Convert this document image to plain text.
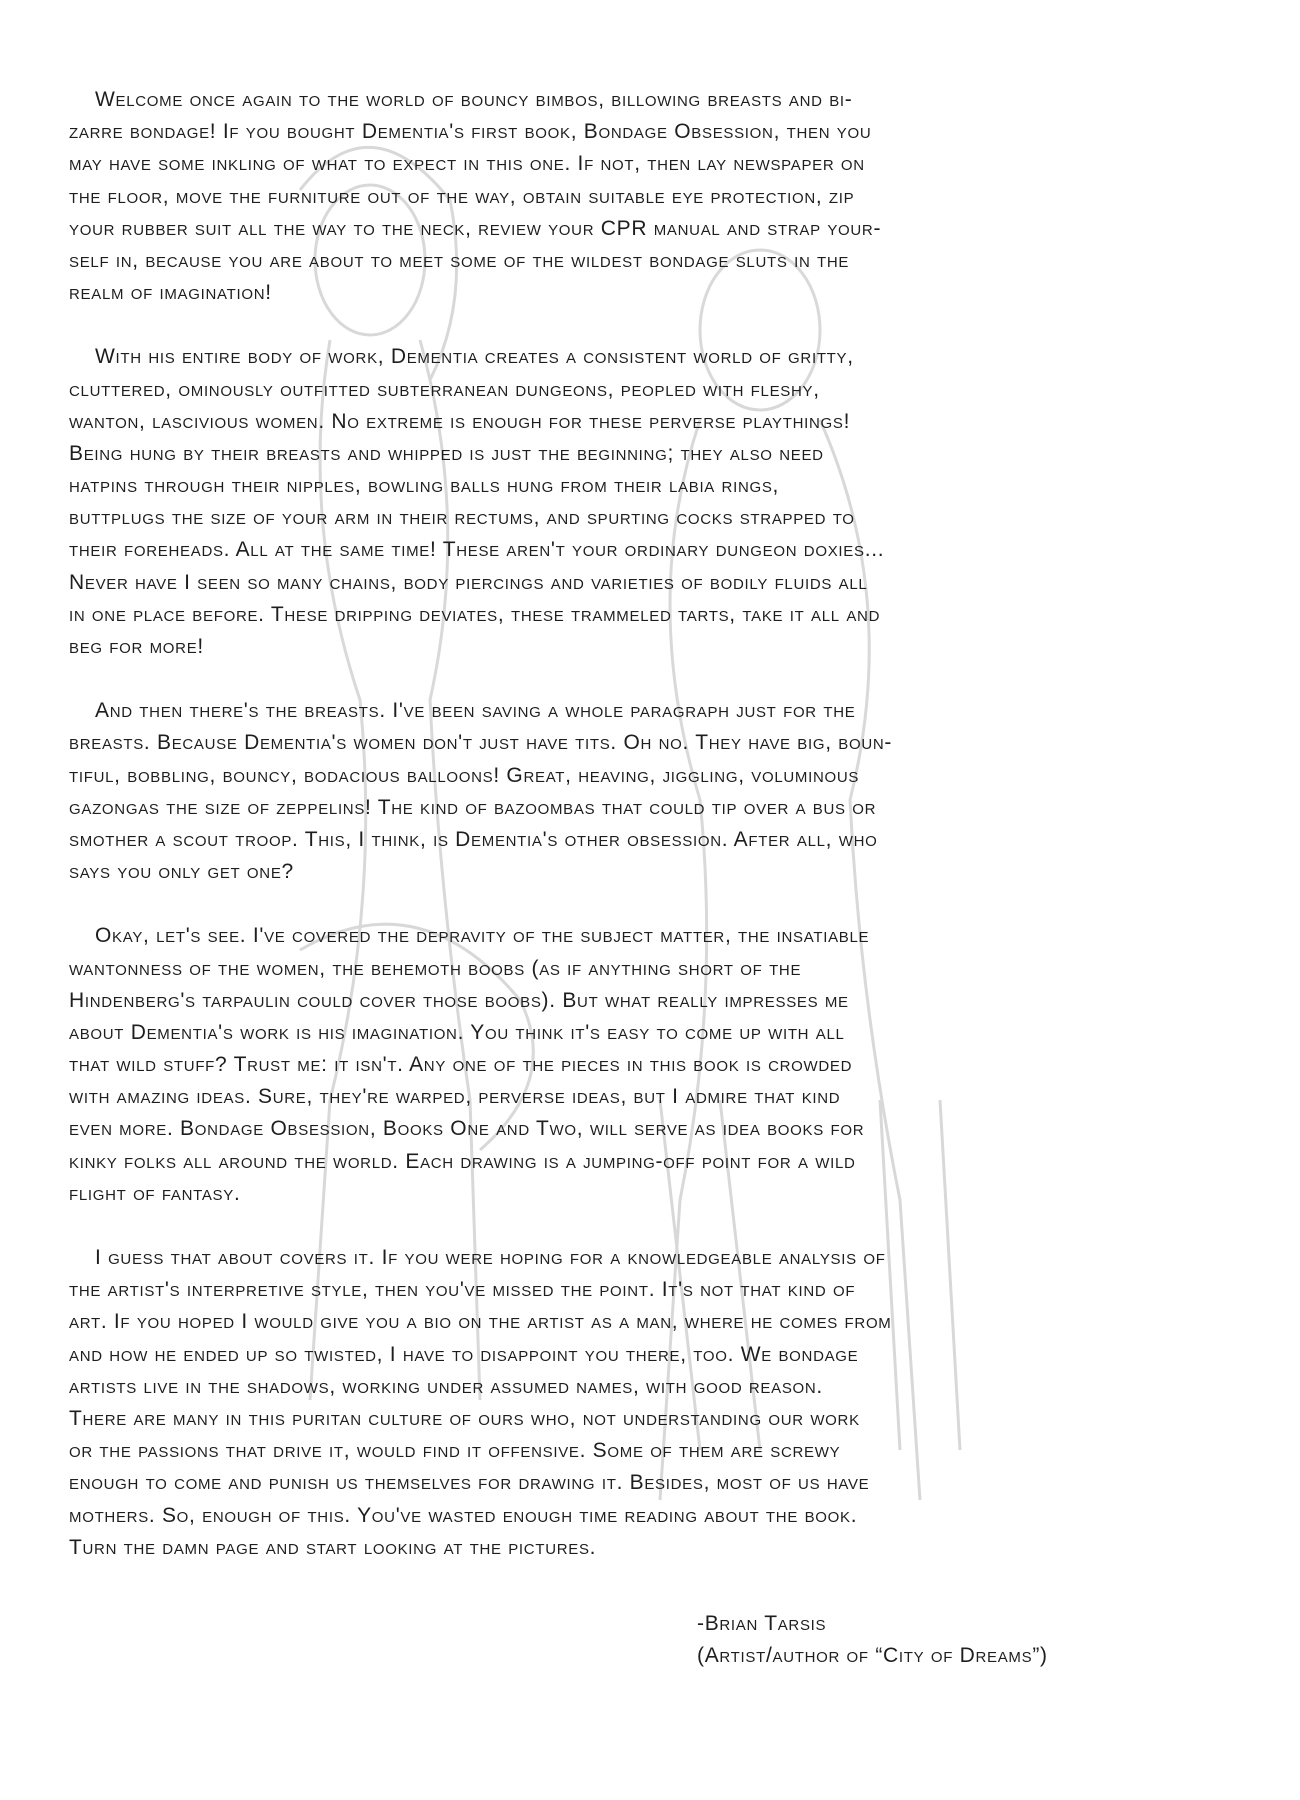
Welcome once again to the world of bouncy bimbos, billowing breasts and bi-
zarre bondage! If you bought Dementia's first book, Bondage Obsession, then you
may have some inkling of what to expect in this one. If not, then lay newspaper on
the floor, move the furniture out of the way, obtain suitable eye protection, zip
your rubber suit all the way to the neck, review your CPR manual and strap your-
self in, because you are about to meet some of the wildest bondage sluts in the
realm of imagination!
With his entire body of work, Dementia creates a consistent world of gritty,
cluttered, ominously outfitted subterranean dungeons, peopled with fleshy,
wanton, lascivious women. No extreme is enough for these perverse playthings!
Being hung by their breasts and whipped is just the beginning; they also need
hatpins through their nipples, bowling balls hung from their labia rings,
buttplugs the size of your arm in their rectums, and spurting cocks strapped to
their foreheads. All at the same time! These aren't your ordinary dungeon doxies...
Never have I seen so many chains, body piercings and varieties of bodily fluids all
in one place before. These dripping deviates, these trammeled tarts, take it all and
beg for more!
And then there's the breasts. I've been saving a whole paragraph just for the
breasts. Because Dementia's women don't just have tits. Oh no. They have big, boun-
tiful, bobbling, bouncy, bodacious balloons! Great, heaving, jiggling, voluminous
gazongas the size of zeppelins! The kind of bazoombas that could tip over a bus or
smother a scout troop. This, I think, is Dementia's other obsession. After all, who
says you only get one?
Okay, let's see. I've covered the depravity of the subject matter, the insatiable
wantonness of the women, the behemoth boobs (as if anything short of the
Hindenberg's tarpaulin could cover those boobs). But what really impresses me
about Dementia's work is his imagination. You think it's easy to come up with all
that wild stuff? Trust me: it isn't. Any one of the pieces in this book is crowded
with amazing ideas. Sure, they're warped, perverse ideas, but I admire that kind
even more. Bondage Obsession, Books One and Two, will serve as idea books for
kinky folks all around the world. Each drawing is a jumping-off point for a wild
flight of fantasy.
I guess that about covers it. If you were hoping for a knowledgeable analysis of
the artist's interpretive style, then you've missed the point. It's not that kind of
art. If you hoped I would give you a bio on the artist as a man, where he comes from
and how he ended up so twisted, I have to disappoint you there, too. We bondage
artists live in the shadows, working under assumed names, with good reason.
There are many in this puritan culture of ours who, not understanding our work
or the passions that drive it, would find it offensive. Some of them are screwy
enough to come and punish us themselves for drawing it. Besides, most of us have
mothers. So, enough of this. You've wasted enough time reading about the book.
Turn the damn page and start looking at the pictures.
-Brian Tarsis
(Artist/author of “City of Dreams”)
